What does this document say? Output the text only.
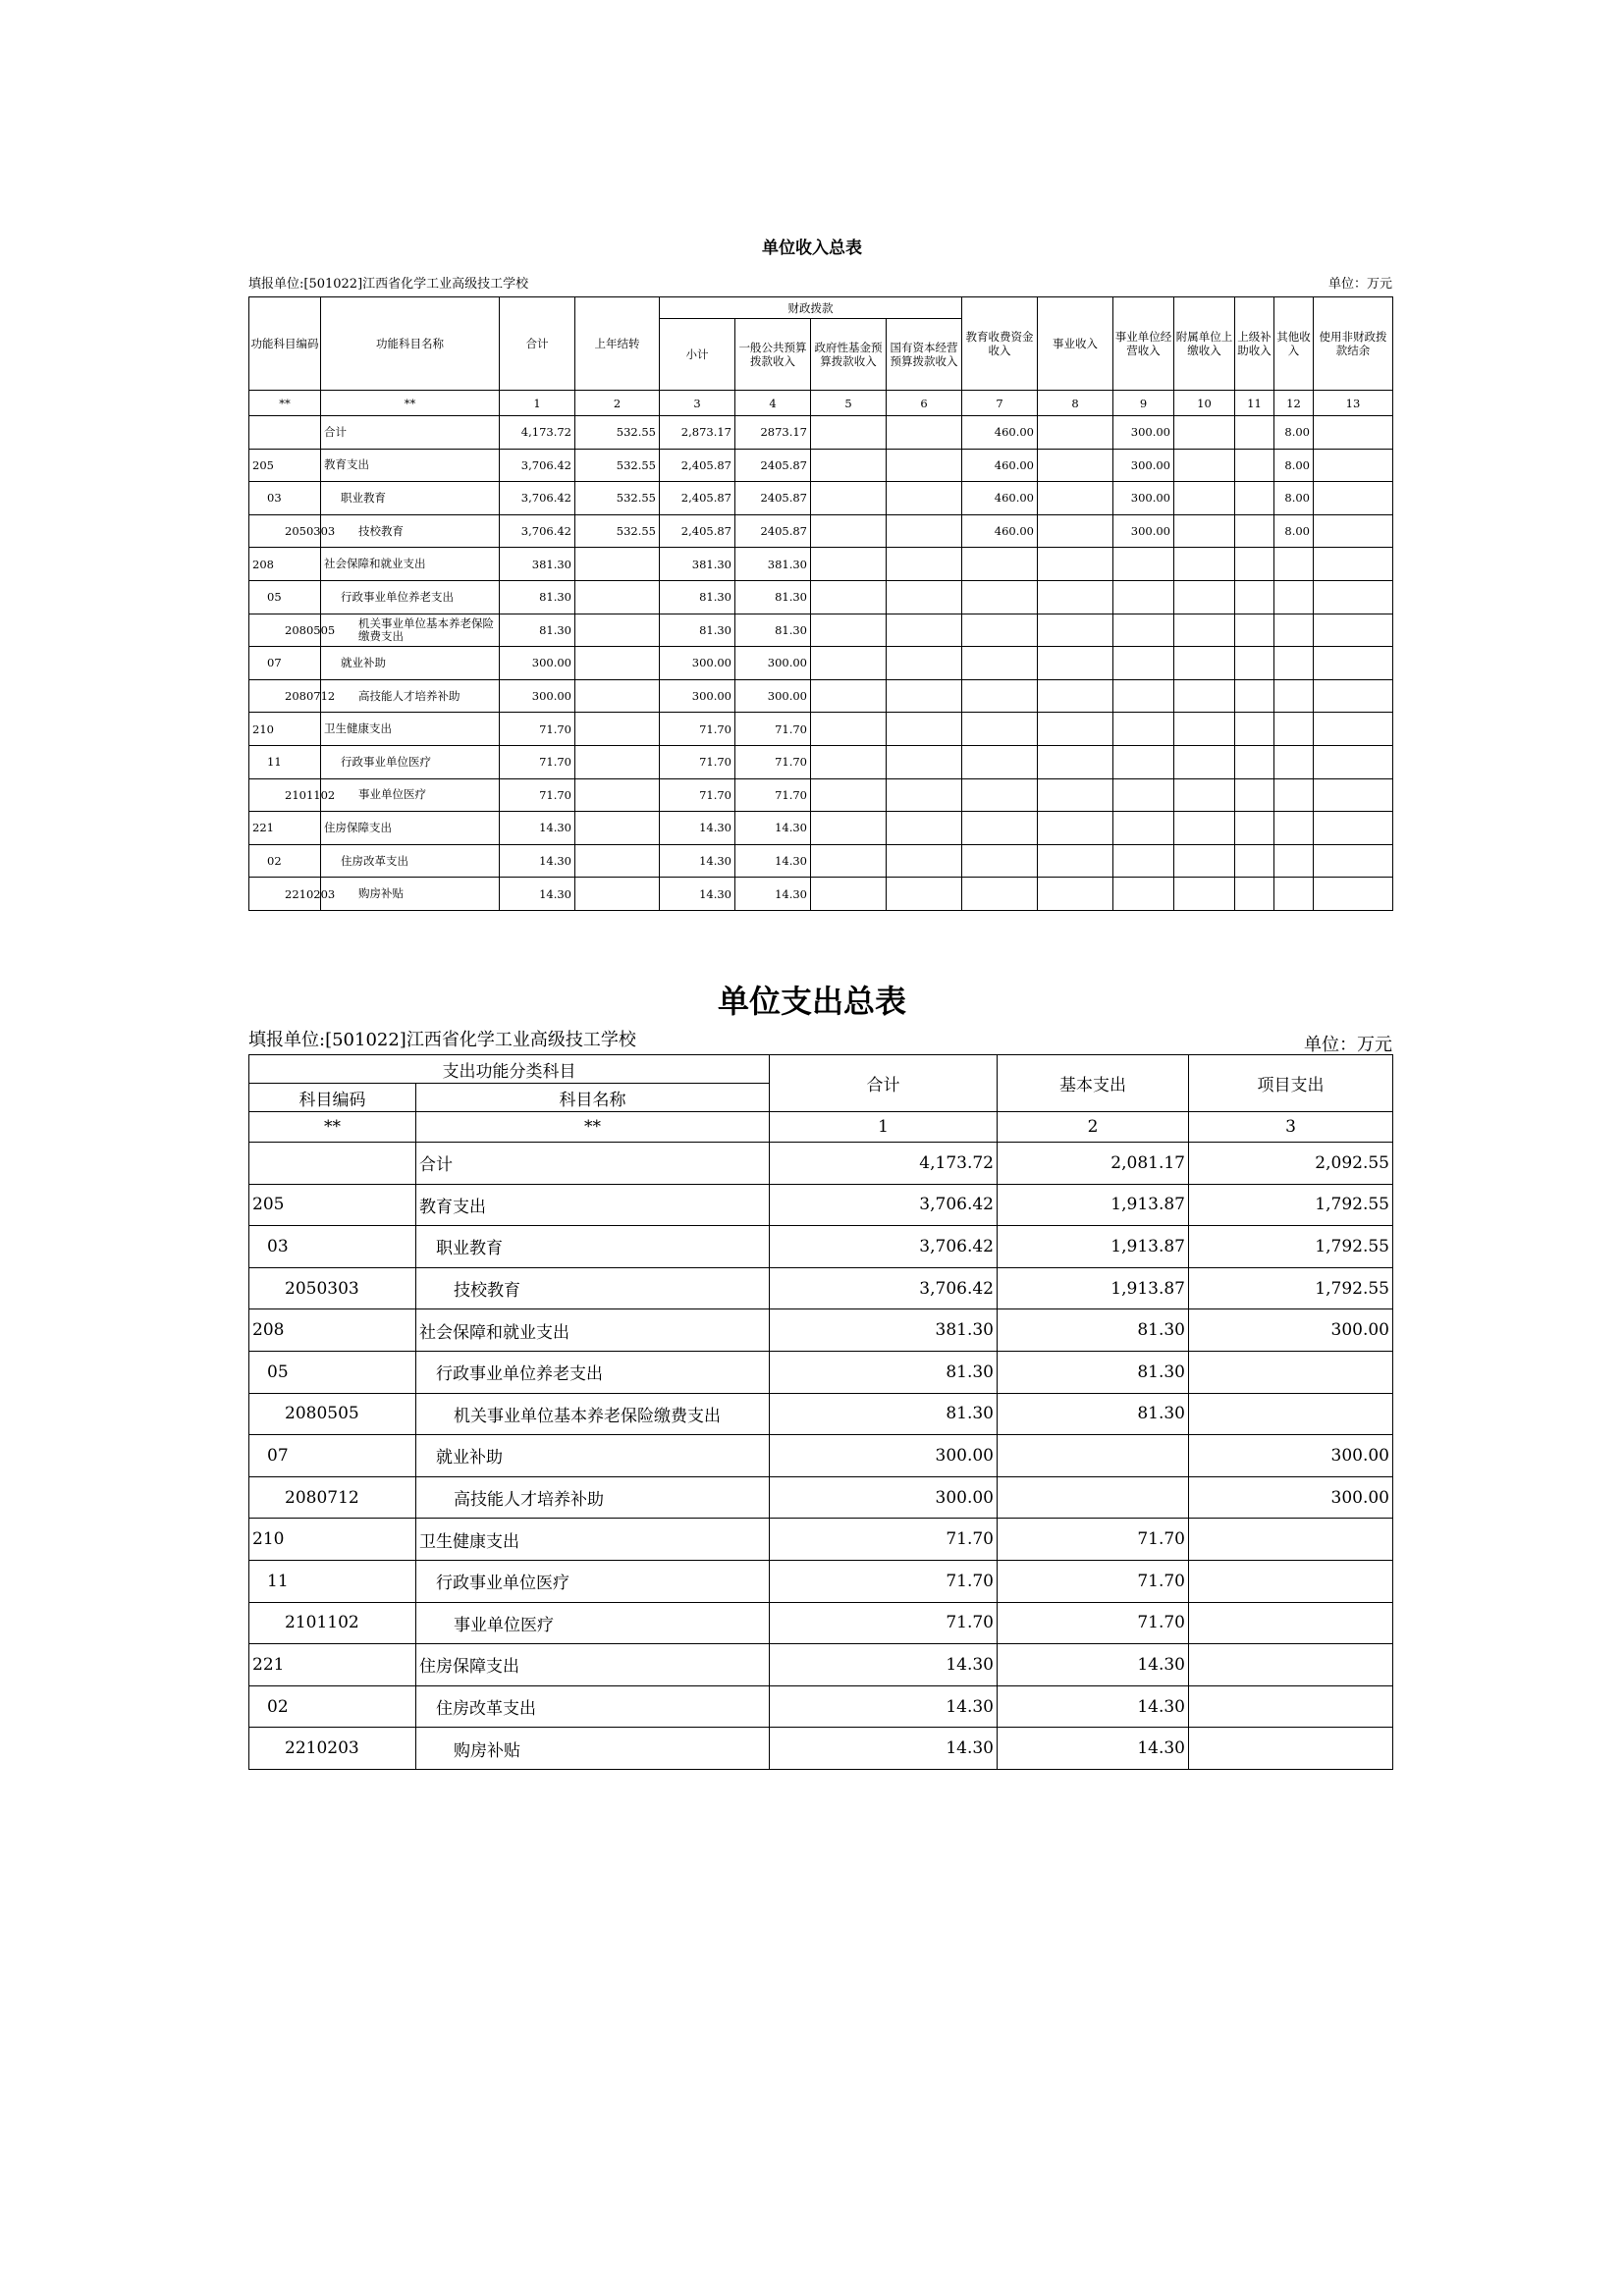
单位收入总表
填报单位:[501022]江西省化学工业高级技工学校	单位：万元
功能科目编码	功能科目名称	合计	上年结转	财政拨款				教育收费资金收入	事业收入	事业单位经营收入	附属单位上缴收入	上级补助收入	其他收入	使用非财政拨款结余
				小计	一般公共预算拨款收入	政府性基金预算拨款收入	国有资本经营预算拨款收入							
**	**	1	2	3	4	5	6	7	8	9	10	11	12	13
	合计	4,173.72	532.55	2,873.17	2873.17			460.00		300.00			8.00	
205	教育支出	3,706.42	532.55	2,405.87	2405.87			460.00		300.00			8.00	
03	职业教育	3,706.42	532.55	2,405.87	2405.87			460.00		300.00			8.00	
2050303	技校教育	3,706.42	532.55	2,405.87	2405.87			460.00		300.00			8.00	
208	社会保障和就业支出	381.30		381.30	381.30									
05	行政事业单位养老支出	81.30		81.30	81.30									
2080505	机关事业单位基本养老保险缴费支出	81.30		81.30	81.30									
07	就业补助	300.00		300.00	300.00									
2080712	高技能人才培养补助	300.00		300.00	300.00									
210	卫生健康支出	71.70		71.70	71.70									
11	行政事业单位医疗	71.70		71.70	71.70									
2101102	事业单位医疗	71.70		71.70	71.70									
221	住房保障支出	14.30		14.30	14.30									
02	住房改革支出	14.30		14.30	14.30									
2210203	购房补贴	14.30		14.30	14.30									
单位支出总表
填报单位:[501022]江西省化学工业高级技工学校	单位：万元
支出功能分类科目		合计	基本支出	项目支出
科目编码	科目名称			
**	**	1	2	3
	合计	4,173.72	2,081.17	2,092.55
205	教育支出	3,706.42	1,913.87	1,792.55
03	职业教育	3,706.42	1,913.87	1,792.55
2050303	技校教育	3,706.42	1,913.87	1,792.55
208	社会保障和就业支出	381.30	81.30	300.00
05	行政事业单位养老支出	81.30	81.30	
2080505	机关事业单位基本养老保险缴费支出	81.30	81.30	
07	就业补助	300.00		300.00
2080712	高技能人才培养补助	300.00		300.00
210	卫生健康支出	71.70	71.70	
11	行政事业单位医疗	71.70	71.70	
2101102	事业单位医疗	71.70	71.70	
221	住房保障支出	14.30	14.30	
02	住房改革支出	14.30	14.30	
2210203	购房补贴	14.30	14.30	
